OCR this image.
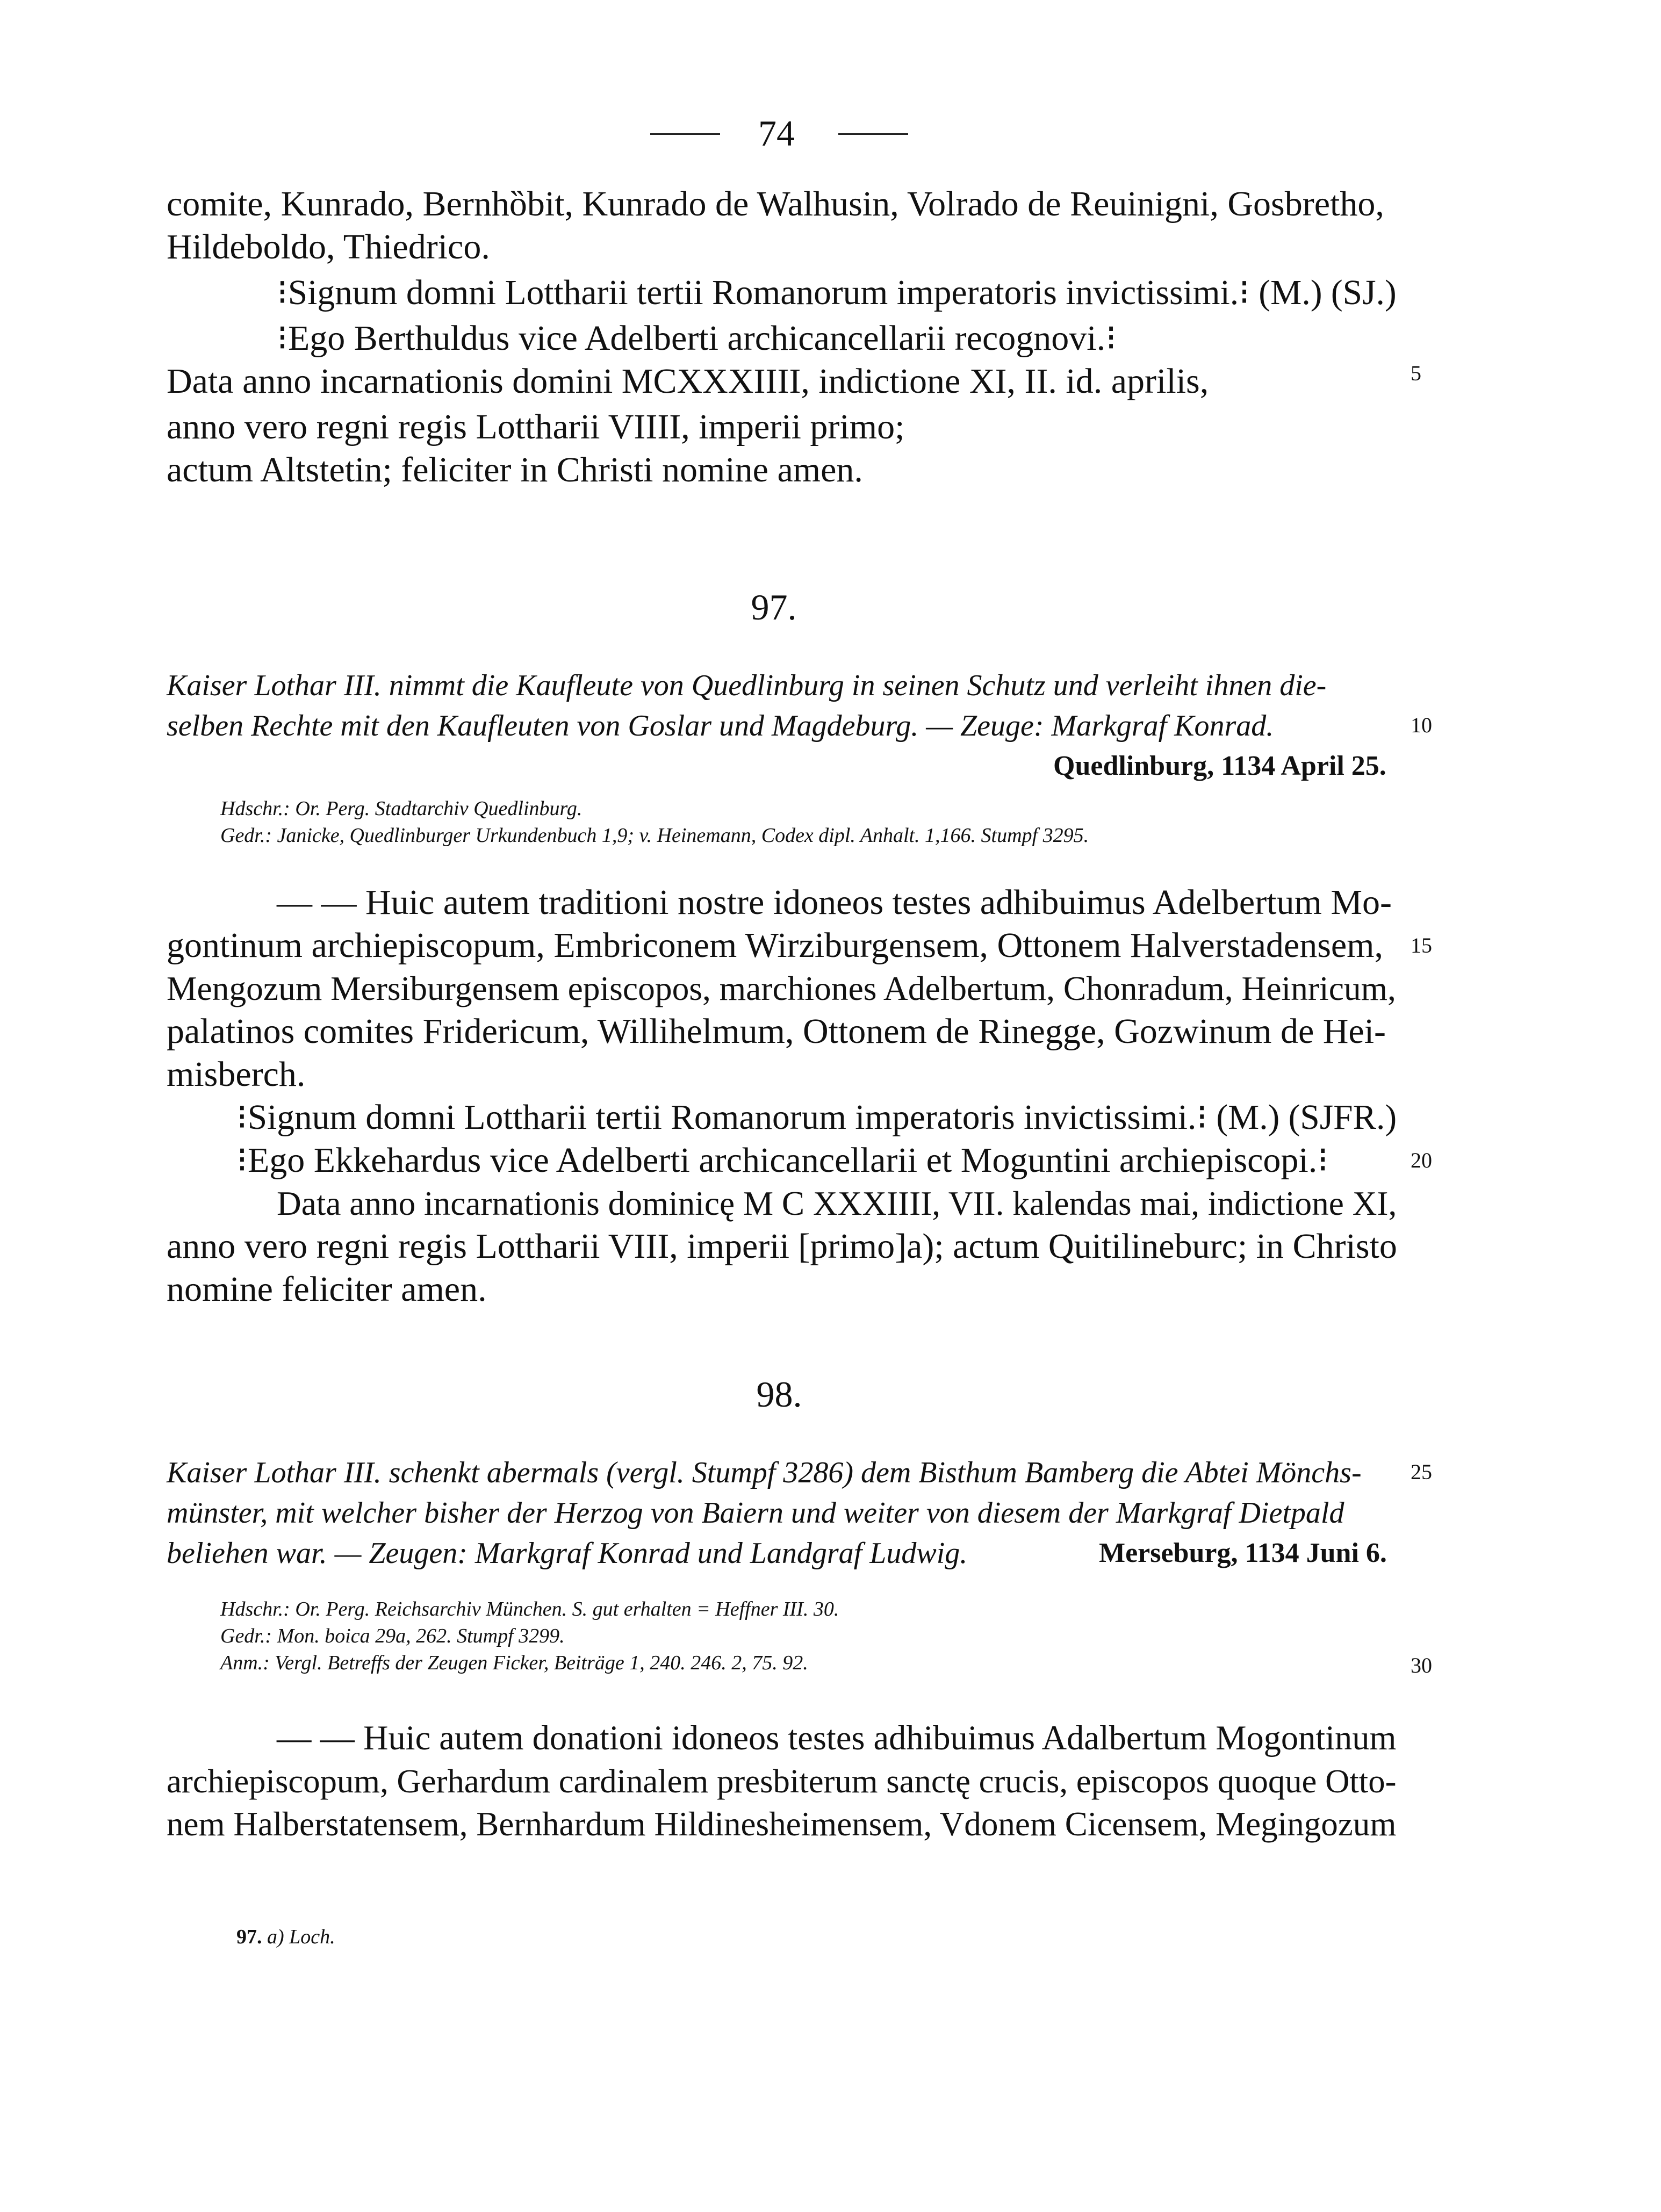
74
comite, Kunrado, Bernhȍbit, Kunrado de Walhusin, Volrado de Reuinigni, Gosbretho,
Hildeboldo, Thiedrico.
⁝Signum domni Lottharii tertii Romanorum imperatoris invictissimi.⁝ (M.) (SJ.)
⁝Ego Berthuldus vice Adelberti archicancellarii recognovi.⁝
Data anno incarnationis domini MCXXXIIII, indictione XI, II. id. aprilis,
anno vero regni regis Lottharii VIIII, imperii primo;
actum Altstetin; feliciter in Christi nomine amen.
5
97.
Kaiser Lothar III. nimmt die Kaufleute von Quedlinburg in seinen Schutz und verleiht ihnen die-
selben Rechte mit den Kaufleuten von Goslar und Magdeburg. — Zeuge: Markgraf Konrad.	10
Quedlinburg, 1134 April 25.
Hdschr.: Or. Perg. Stadtarchiv Quedlinburg.
Gedr.: Janicke, Quedlinburger Urkundenbuch 1,9; v. Heinemann, Codex dipl. Anhalt. 1,166. Stumpf 3295.
— — Huic autem traditioni nostre idoneos testes adhibuimus Adelbertum Mo-
gontinum archiepiscopum, Embriconem Wirziburgensem, Ottonem Halverstadensem, 15
Mengozum Mersiburgensem episcopos, marchiones Adelbertum, Chonradum, Heinricum,
palatinos comites Fridericum, Willihelmum, Ottonem de Rinegge, Gozwinum de Hei-
misberch.
⁝Signum domni Lottharii tertii Romanorum imperatoris invictissimi.⁝ (M.) (SJFR.)
⁝Ego Ekkehardus vice Adelberti archicancellarii et Moguntini archiepiscopi.⁝	20
Data anno incarnationis dominicę M C XXXIIII, VII. kalendas mai, indictione XI,
anno vero regni regis Lottharii VIII, imperii [primo]a); actum Quitilineburc; in Christo
nomine feliciter amen.
98.
Kaiser Lothar III. schenkt abermals (vergl. Stumpf 3286) dem Bisthum Bamberg die Abtei Mönchs- 25
münster, mit welcher bisher der Herzog von Baiern und weiter von diesem der Markgraf Dietpald
beliehen war. — Zeugen: Markgraf Konrad und Landgraf Ludwig.	Merseburg, 1134 Juni 6.
Hdschr.: Or. Perg. Reichsarchiv München. S. gut erhalten = Heffner III. 30.
Gedr.: Mon. boica 29a, 262. Stumpf 3299.
Anm.: Vergl. Betreffs der Zeugen Ficker, Beiträge 1, 240. 246. 2, 75. 92.	30
— — Huic autem donationi idoneos testes adhibuimus Adalbertum Mogontinum
archiepiscopum, Gerhardum cardinalem presbiterum sanctę crucis, episcopos quoque Otto-
nem Halberstatensem, Bernhardum Hildinesheimensem, Vdonem Cicensem, Megingozum
97. a) Loch.
